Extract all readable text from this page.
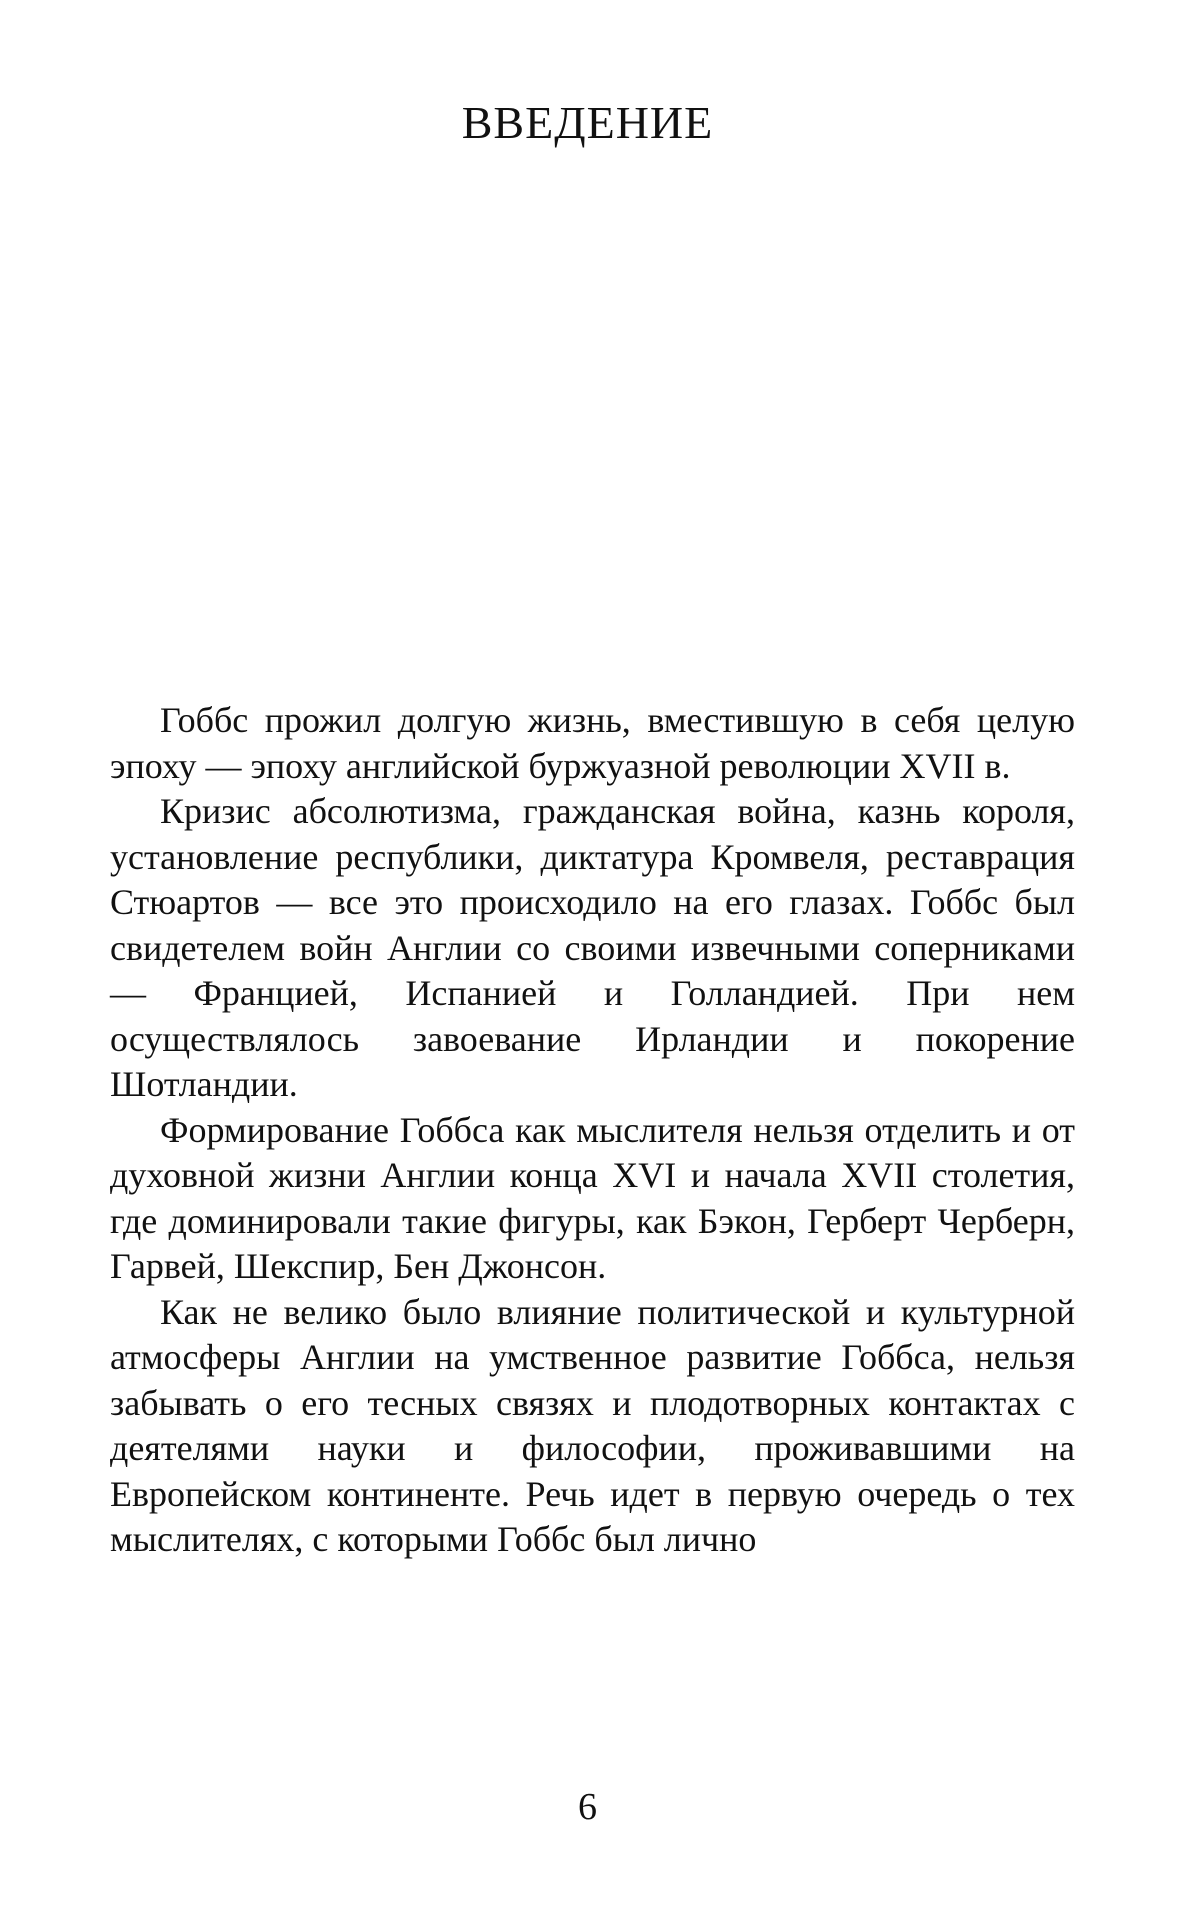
ВВЕДЕНИЕ

Гоббс прожил долгую жизнь, вместившую в себя целую эпоху — эпоху английской буржуазной революции XVII в.

Кризис абсолютизма, гражданская война, казнь короля, установление республики, диктатура Кромвеля, реставрация Стюартов — все это происходило на его глазах. Гоббс был свидетелем войн Англии со своими извечными соперниками — Францией, Испанией и Голландией. При нем осуществлялось завоевание Ирландии и покорение Шотландии.

Формирование Гоббса как мыслителя нельзя отделить и от духовной жизни Англии конца XVI и начала XVII столетия, где доминировали такие фигуры, как Бэкон, Герберт Черберн, Гарвей, Шекспир, Бен Джонсон.

Как не велико было влияние политической и культурной атмосферы Англии на умственное развитие Гоббса, нельзя забывать о его тесных связях и плодотворных контактах с деятелями науки и философии, проживавшими на Европейском континенте. Речь идет в первую очередь о тех мыслителях, с которыми Гоббс был лично

6
